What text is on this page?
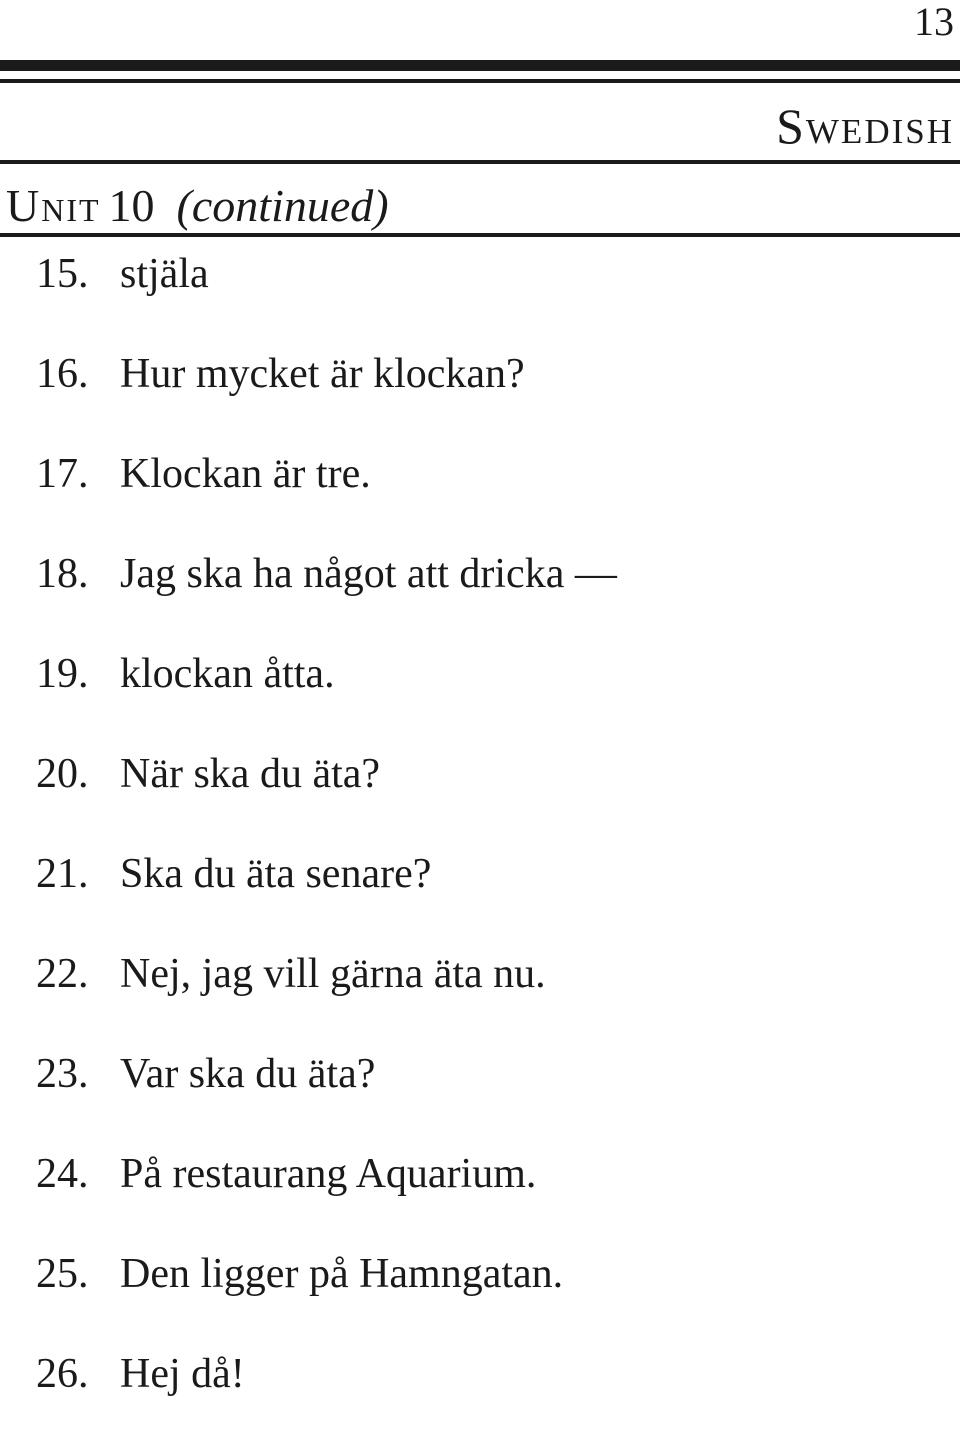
13
Swedish
Unit 10 (continued)
15. stjäla
16. Hur mycket är klockan?
17. Klockan är tre.
18. Jag ska ha något att dricka —
19. klockan åtta.
20. När ska du äta?
21. Ska du äta senare?
22. Nej, jag vill gärna äta nu.
23. Var ska du äta?
24. På restaurang Aquarium.
25. Den ligger på Hamngatan.
26. Hej då!
